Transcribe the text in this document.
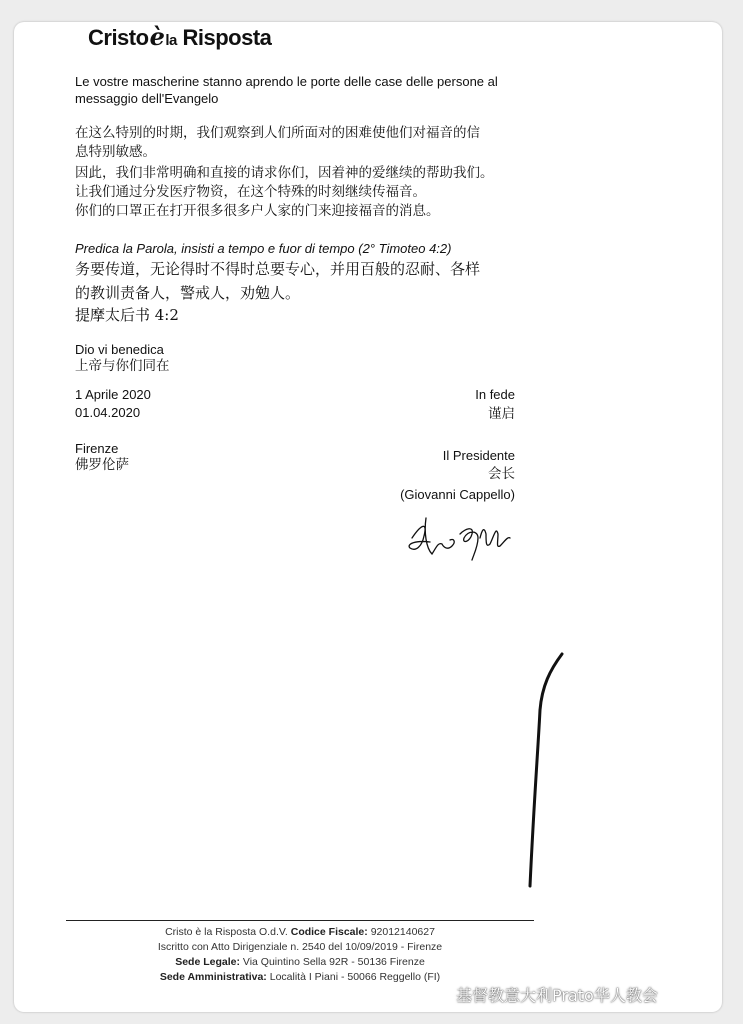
Cristoèla Risposta
Le vostre mascherine stanno aprendo le porte delle case delle persone al
messaggio dell'Evangelo
在这么特别的时期，我们观察到人们所面对的困难使他们对福音的信
息特别敏感。
因此，我们非常明确和直接的请求你们，因着神的爱继续的帮助我们。
让我们通过分发医疗物资，在这个特殊的时刻继续传福音。
你们的口罩正在打开很多很多户人家的门来迎接福音的消息。
Predica la Parola, insisti a tempo e fuor di tempo (2° Timoteo 4:2)
务要传道，无论得时不得时总要专心，并用百般的忍耐、各样
的教训责备人，警戒人，劝勉人。
提摩太后书 4:2
Dio vi benedica
上帝与你们同在
1 Aprile 2020
01.04.2020
Firenze
佛罗伦萨
In fede
谨启
Il Presidente
会长
(Giovanni Cappello)
Cristo è la Risposta O.d.V. Codice Fiscale: 92012140627
Iscritto con Atto Dirigenziale n. 2540 del 10/09/2019 - Firenze
Sede Legale: Via Quintino Sella 92R - 50136 Firenze
Sede Amministrativa: Località I Piani - 50066 Reggello (FI)
基督教意大利Prato华人教会
